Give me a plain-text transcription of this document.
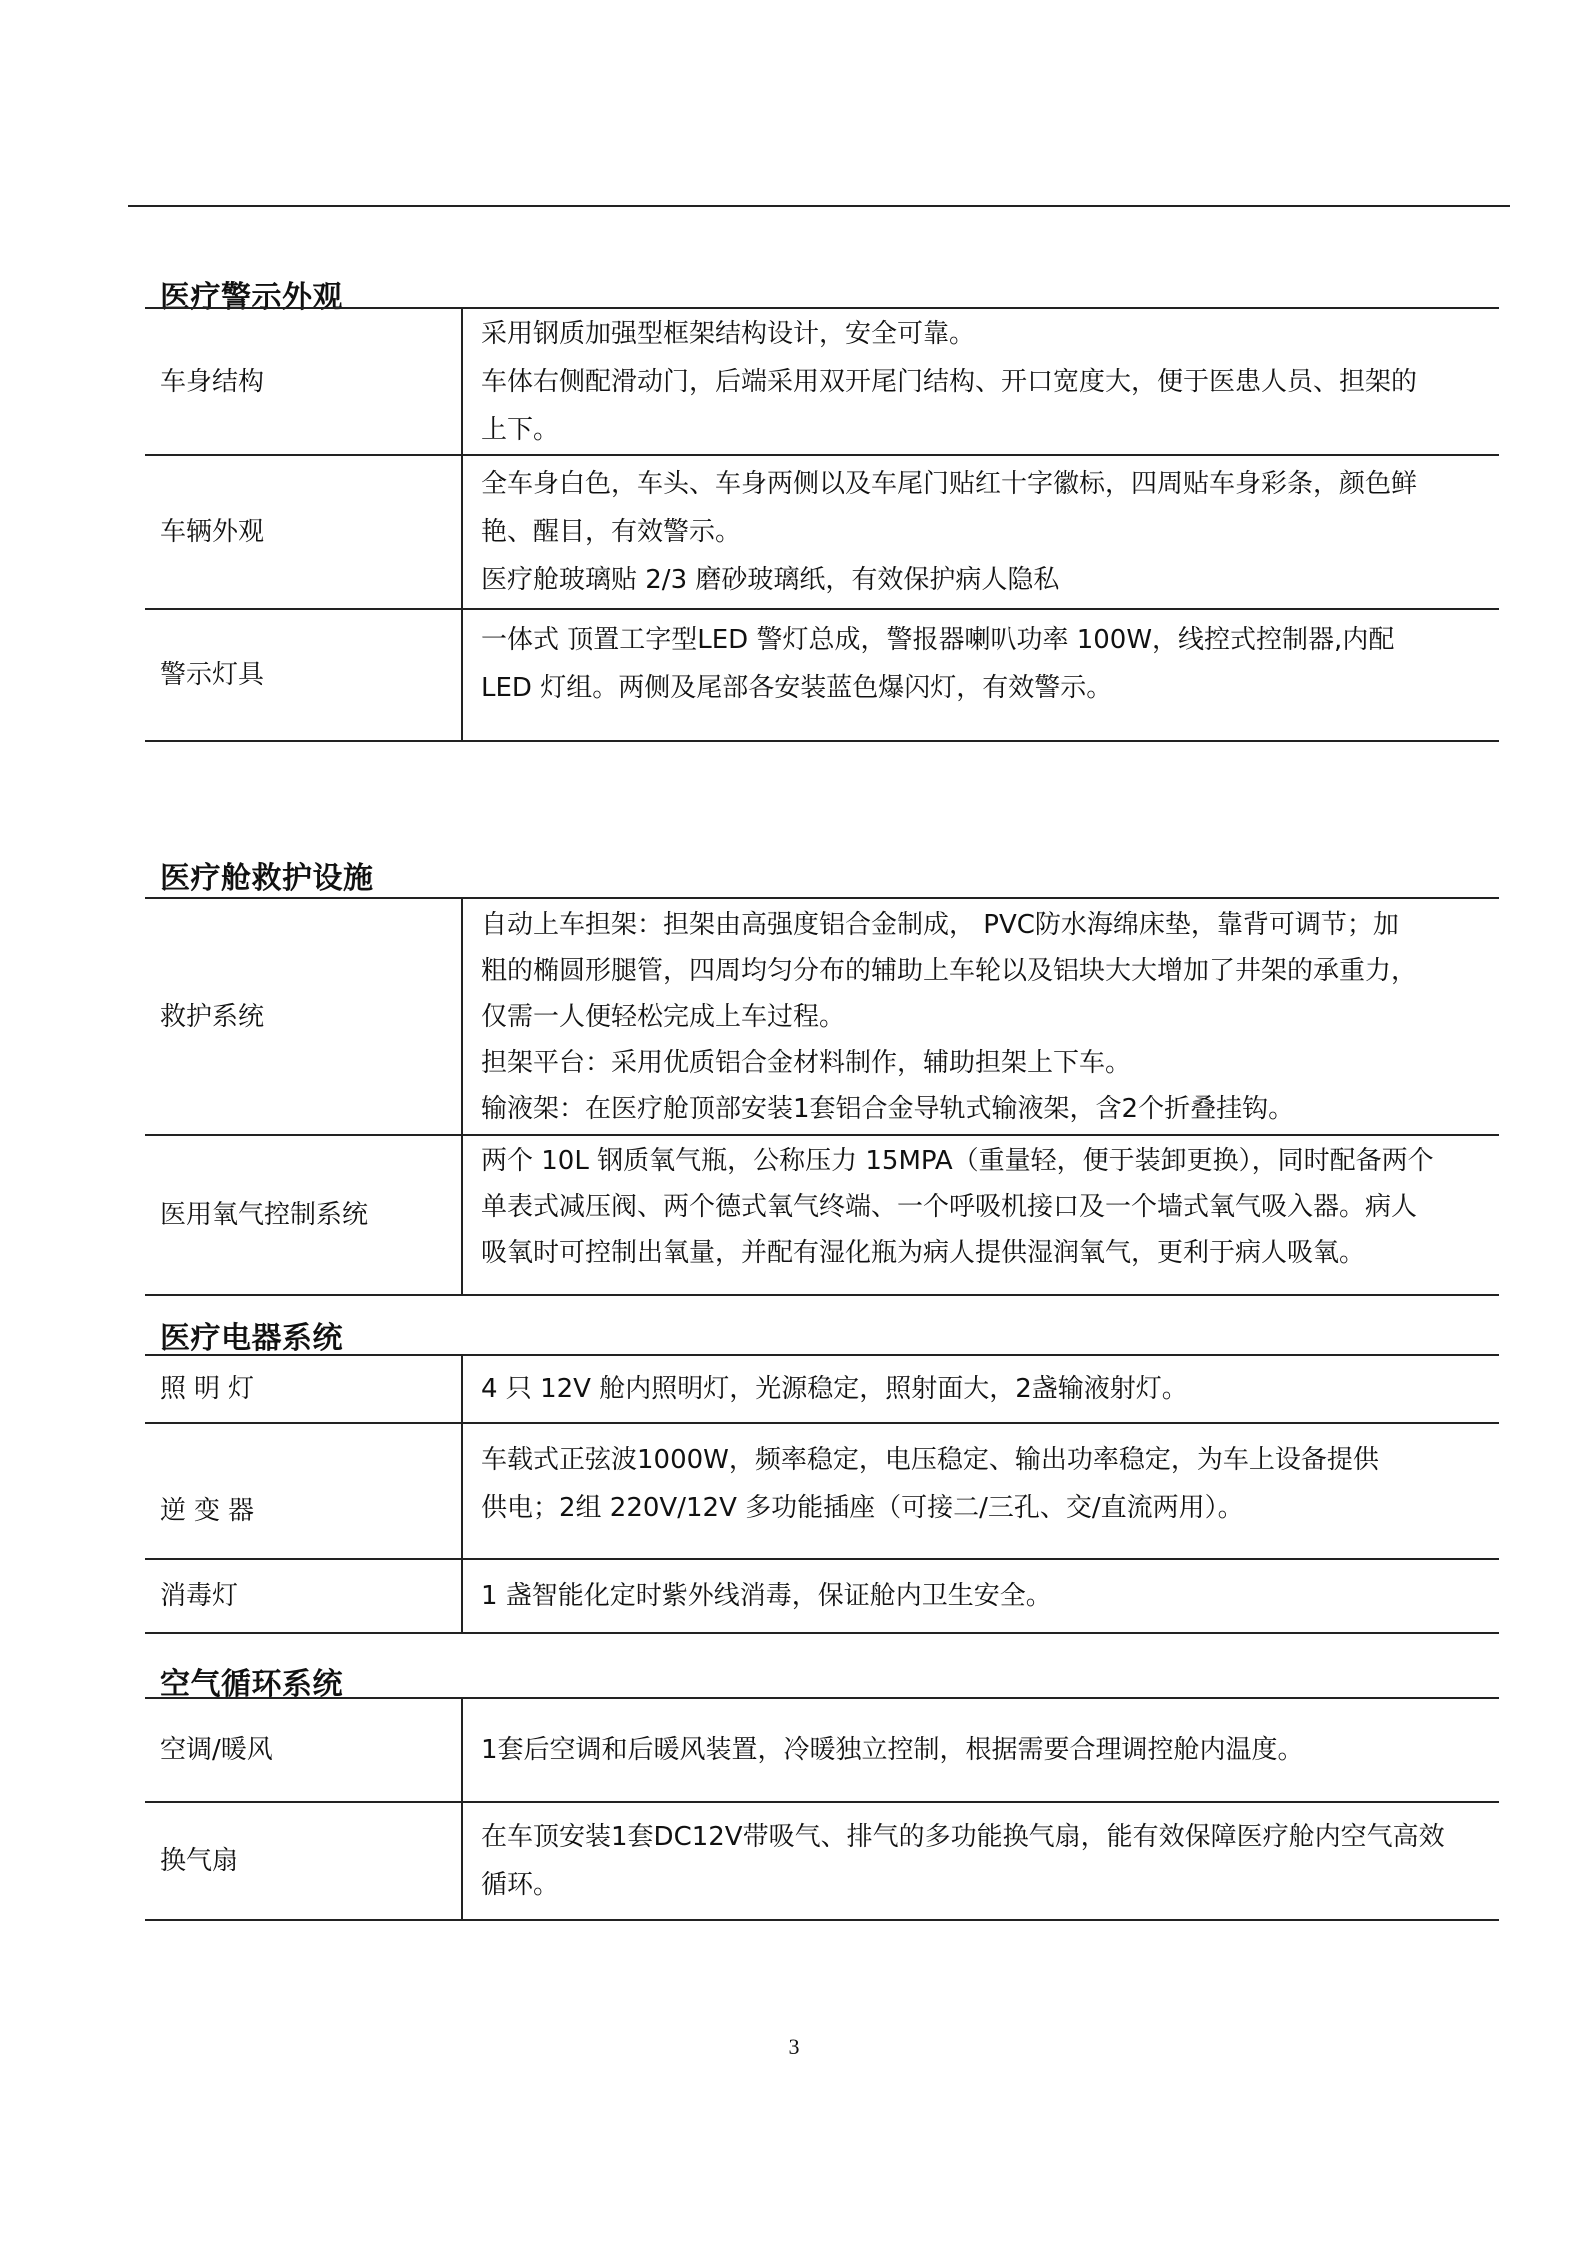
医疗警示外观
车身结构	采用钢质加强型框架结构设计，安全可靠。
车体右侧配滑动门，后端采用双开尾门结构、开口宽度大，便于医患人员、担架的
上下。

车辆外观	全车身白色，车头、车身两侧以及车尾门贴红十字徽标，四周贴车身彩条，颜色鲜
艳、醒目，有效警示。
医疗舱玻璃贴 2/3 磨砂玻璃纸，有效保护病人隐私

警示灯具	一体式 顶置工字型LED 警灯总成，警报器喇叭功率 100W，线控式控制器,内配
LED 灯组。两侧及尾部各安装蓝色爆闪灯，有效警示。
医疗舱救护设施
救护系统	自动上车担架：担架由高强度铝合金制成， PVC防水海绵床垫，靠背可调节；加
粗的椭圆形腿管，四周均匀分布的辅助上车轮以及铝块大大增加了井架的承重力，
仅需一人便轻松完成上车过程。
担架平台：采用优质铝合金材料制作，辅助担架上下车。
输液架：在医疗舱顶部安装1套铝合金导轨式输液架，含2个折叠挂钩。

医用氧气控制系统	两个 10L 钢质氧气瓶，公称压力 15MPA（重量轻，便于装卸更换），同时配备两个
单表式减压阀、两个德式氧气终端、一个呼吸机接口及一个墙式氧气吸入器。病人
吸氧时可控制出氧量，并配有湿化瓶为病人提供湿润氧气，更利于病人吸氧。
医疗电器系统
照明灯	4 只 12V 舱内照明灯，光源稳定，照射面大，2盏输液射灯。

逆变器	车载式正弦波1000W，频率稳定，电压稳定、输出功率稳定，为车上设备提供
供电；2组 220V/12V 多功能插座（可接二/三孔、交/直流两用）。

消毒灯	1 盏智能化定时紫外线消毒，保证舱内卫生安全。
空气循环系统
空调/暖风	1套后空调和后暖风装置，冷暖独立控制，根据需要合理调控舱内温度。

换气扇	在车顶安装1套DC12V带吸气、排气的多功能换气扇，能有效保障医疗舱内空气高效
循环。
3
